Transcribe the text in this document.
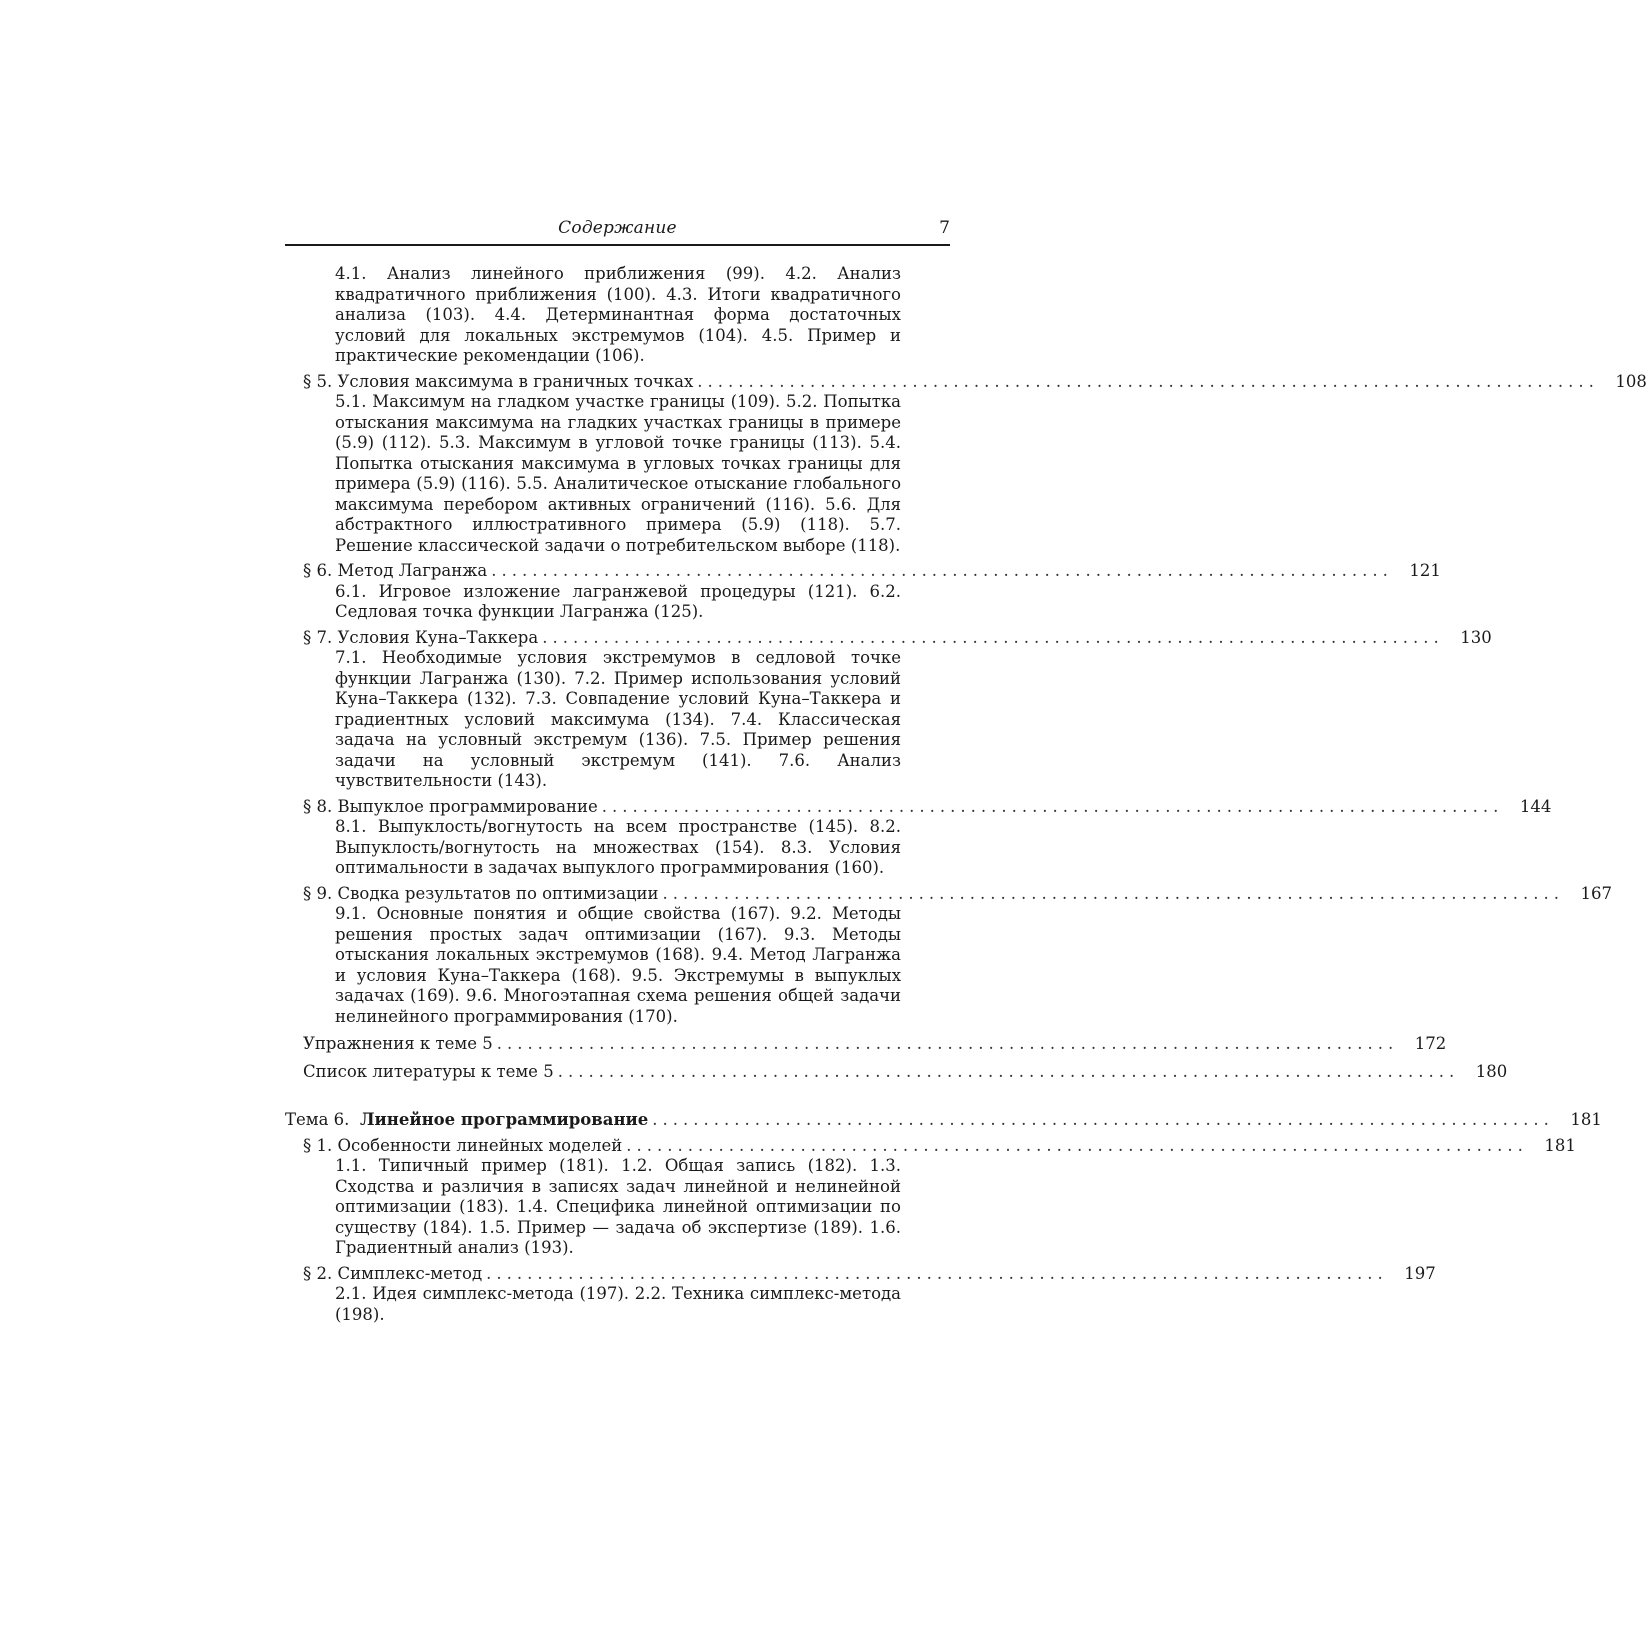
Содержание	7
4.1. Анализ линейного приближения (99). 4.2. Анализ квадратичного приближения (100). 4.3. Итоги квадратичного анализа (103). 4.4. Детерминантная форма достаточных условий для локальных экстремумов (104). 4.5. Пример и практические рекомендации (106).
§ 5. Условия максимума в граничных точках ........................................................................................	108
5.1. Максимум на гладком участке границы (109). 5.2. Попытка отыскания максимума на гладких участках границы в примере (5.9) (112). 5.3. Максимум в угловой точке границы (113). 5.4. Попытка отыскания максимума в угловых точках границы для примера (5.9) (116). 5.5. Аналитическое отыскание глобального максимума перебором активных ограничений (116). 5.6. Для абстрактного иллюстративного примера (5.9) (118). 5.7. Решение классической задачи о потребительском выборе (118).
§ 6. Метод Лагранжа ........................................................................................	121
6.1. Игровое изложение лагранжевой процедуры (121). 6.2. Седловая точка функции Лагранжа (125).
§ 7. Условия Куна–Таккера ........................................................................................	130
7.1. Необходимые условия экстремумов в седловой точке функции Лагранжа (130). 7.2. Пример использования условий Куна–Таккера (132). 7.3. Совпадение условий Куна–Таккера и градиентных условий максимума (134). 7.4. Классическая задача на условный экстремум (136). 7.5. Пример решения задачи на условный экстремум (141). 7.6. Анализ чувствительности (143).
§ 8. Выпуклое программирование ........................................................................................	144
8.1. Выпуклость/вогнутость на всем пространстве (145). 8.2. Выпуклость/вогнутость на множествах (154). 8.3. Условия оптимальности в задачах выпуклого программирования (160).
§ 9. Сводка результатов по оптимизации ........................................................................................	167
9.1. Основные понятия и общие свойства (167). 9.2. Методы решения простых задач оптимизации (167). 9.3. Методы отыскания локальных экстремумов (168). 9.4. Метод Лагранжа и условия Куна–Таккера (168). 9.5. Экстремумы в выпуклых задачах (169). 9.6. Многоэтапная схема решения общей задачи нелинейного программирования (170).
Упражнения к теме 5 ........................................................................................	172
Список литературы к теме 5 ........................................................................................	180
Тема 6. Линейное программирование ........................................................................................	181
§ 1. Особенности линейных моделей ........................................................................................	181
1.1. Типичный пример (181). 1.2. Общая запись (182). 1.3. Сходства и различия в записях задач линейной и нелинейной оптимизации (183). 1.4. Специфика линейной оптимизации по существу (184). 1.5. Пример — задача об экспертизе (189). 1.6. Градиентный анализ (193).
§ 2. Симплекс-метод ........................................................................................	197
2.1. Идея симплекс-метода (197). 2.2. Техника симплекс-метода (198).
